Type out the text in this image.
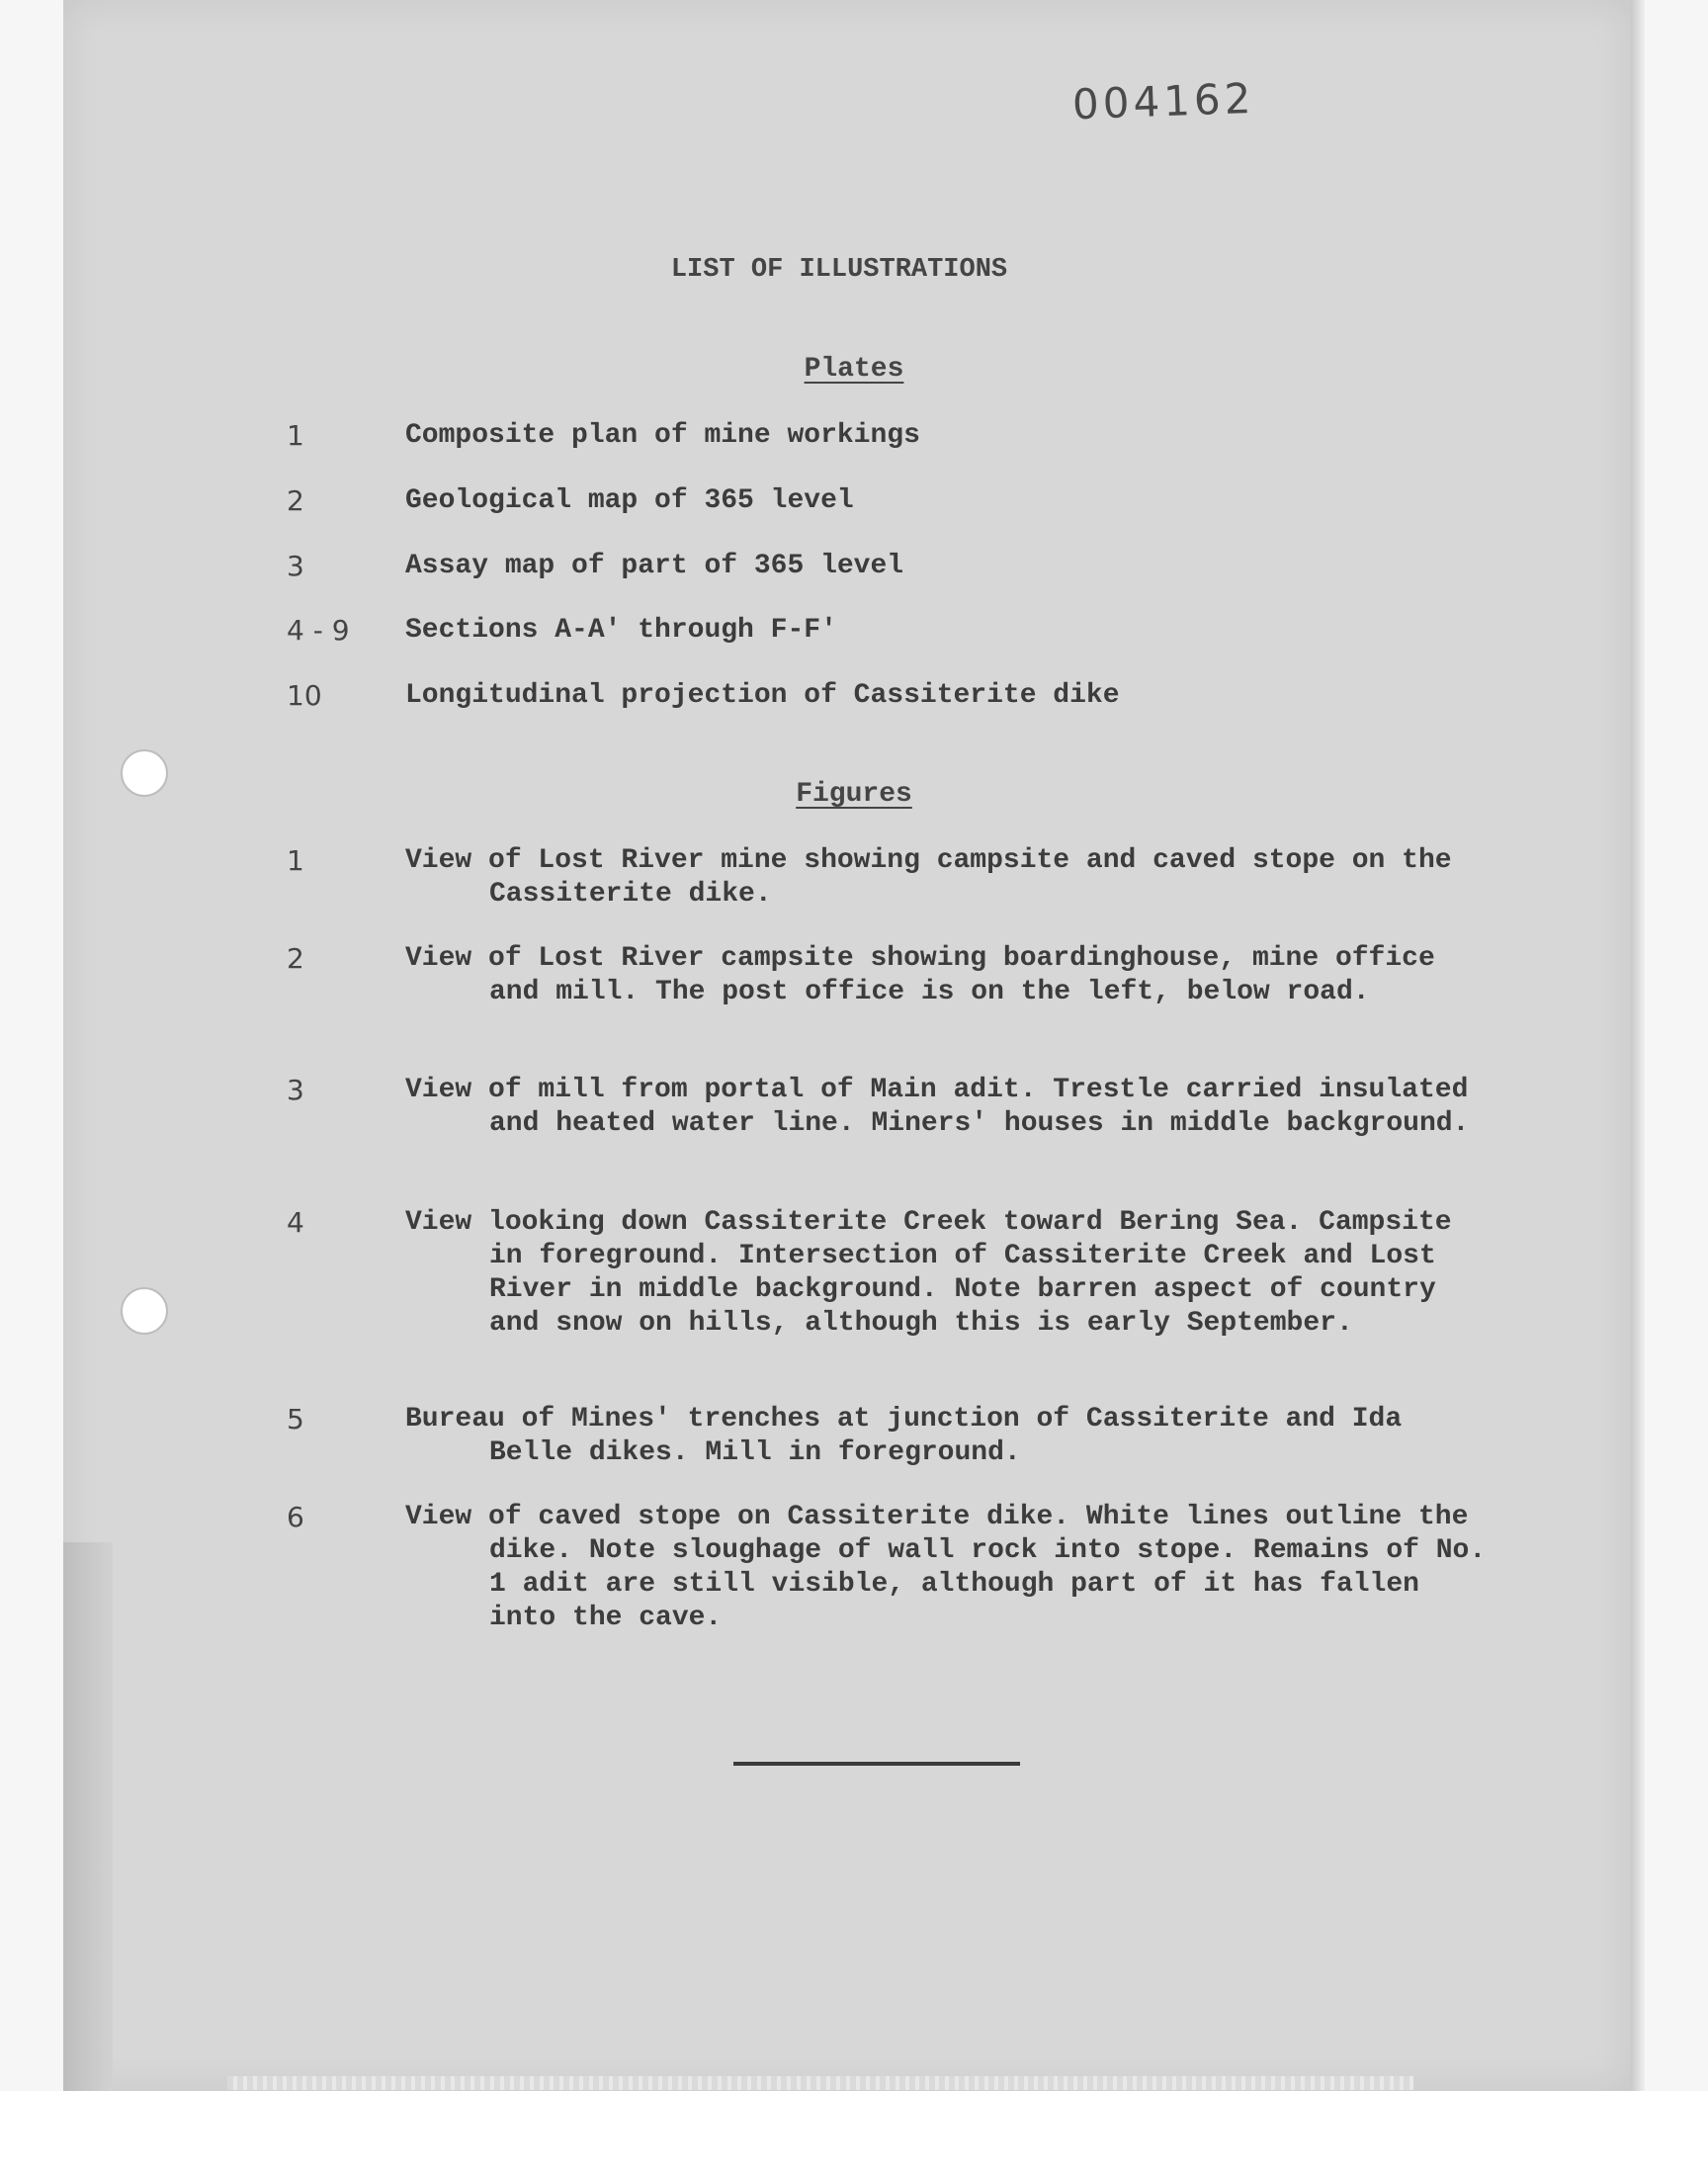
004162
LIST OF ILLUSTRATIONS
Plates
1	Composite plan of mine workings
2	Geological map of 365 level
3	Assay map of part of 365 level
4 - 9	Sections A-A' through F-F'
10	Longitudinal projection of Cassiterite dike
Figures
1	View of Lost River mine showing campsite and caved stope on the Cassiterite dike.
2	View of Lost River campsite showing boardinghouse, mine office and mill. The post office is on the left, below road.
3	View of mill from portal of Main adit. Trestle carried insulated and heated water line. Miners' houses in middle background.
4	View looking down Cassiterite Creek toward Bering Sea. Campsite in foreground. Intersection of Cassiterite Creek and Lost River in middle background. Note barren aspect of country and snow on hills, although this is early September.
5	Bureau of Mines' trenches at junction of Cassiterite and Ida Belle dikes. Mill in foreground.
6	View of caved stope on Cassiterite dike. White lines outline the dike. Note sloughage of wall rock into stope. Remains of No. 1 adit are still visible, although part of it has fallen into the cave.
